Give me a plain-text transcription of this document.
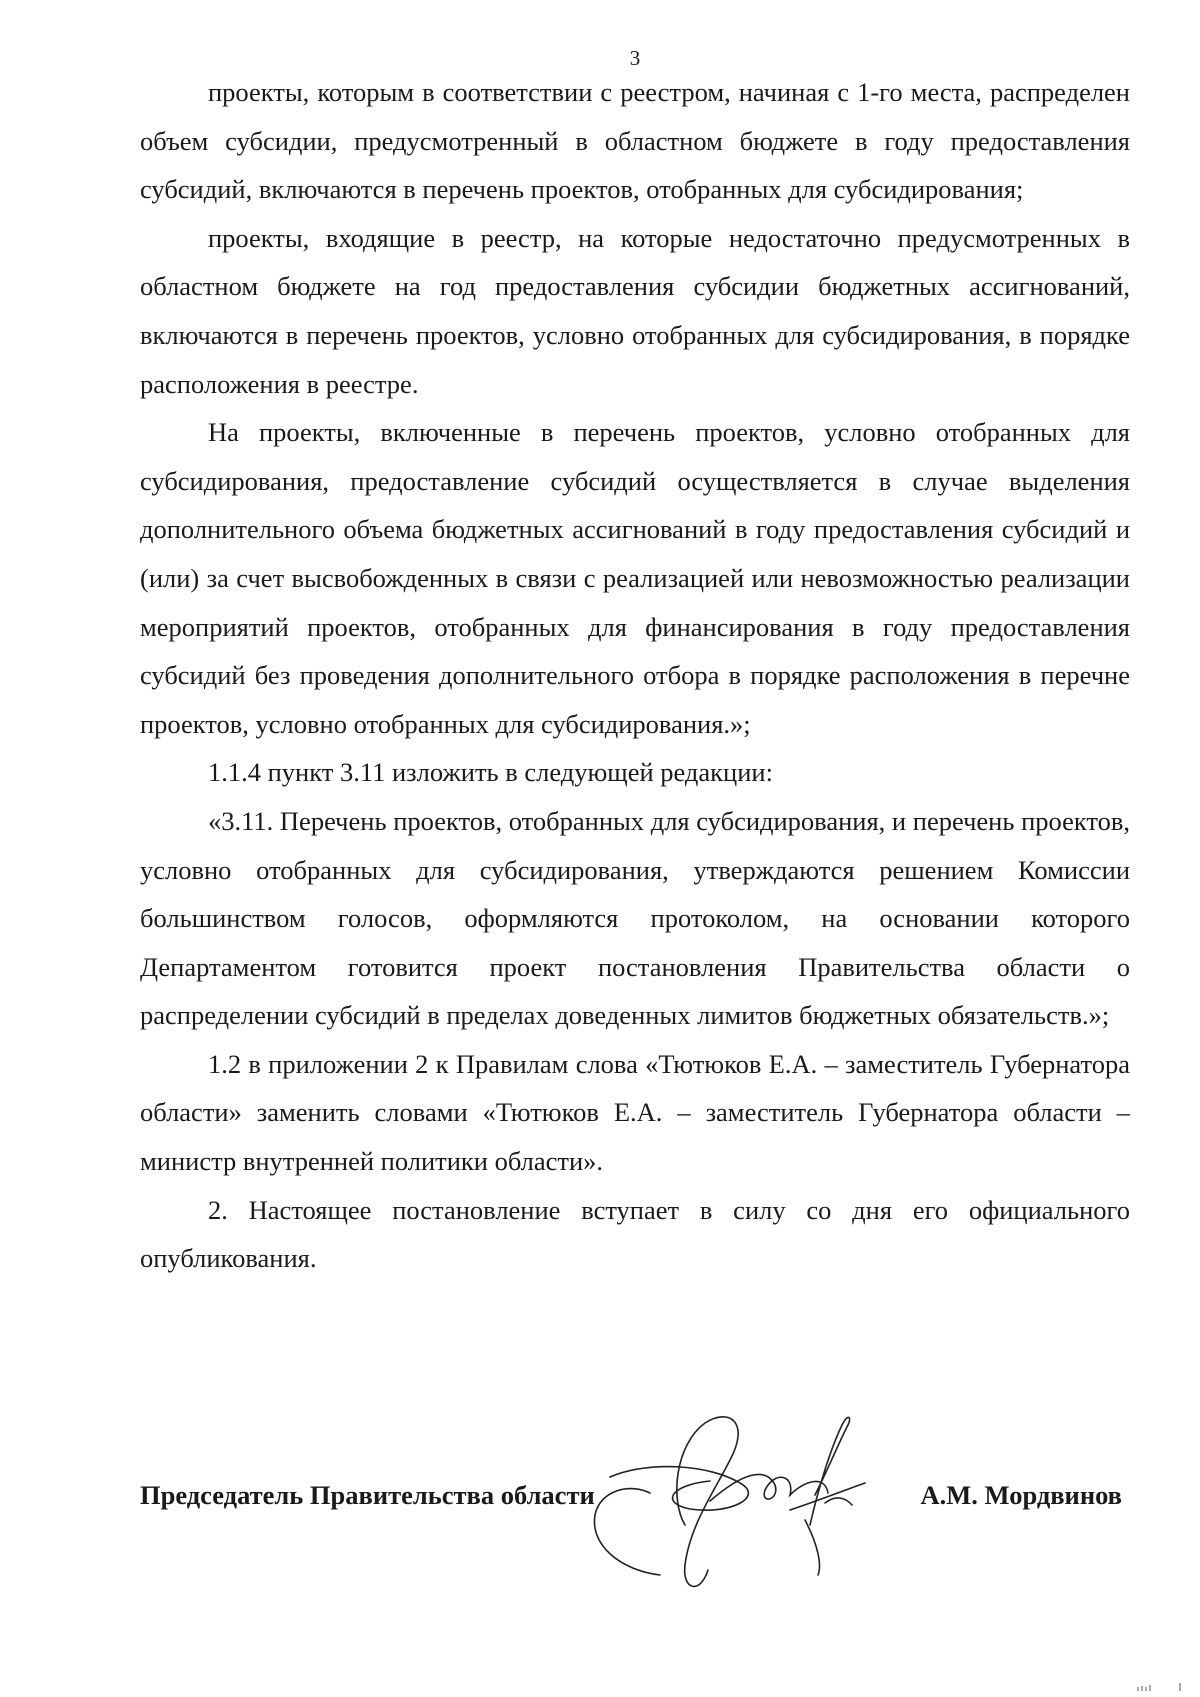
3

проекты, которым в соответствии с реестром, начиная с 1-го места, распределен объем субсидии, предусмотренный в областном бюджете в году предоставления субсидий, включаются в перечень проектов, отобранных для субсидирования;

проекты, входящие в реестр, на которые недостаточно предусмотренных в областном бюджете на год предоставления субсидии бюджетных ассигнований, включаются в перечень проектов, условно отобранных для субсидирования, в порядке расположения в реестре.

На проекты, включенные в перечень проектов, условно отобранных для субсидирования, предоставление субсидий осуществляется в случае выделения дополнительного объема бюджетных ассигнований в году предоставления субсидий и (или) за счет высвобожденных в связи с реализацией или невозможностью реализации мероприятий проектов, отобранных для финансирования в году предоставления субсидий без проведения дополнительного отбора в порядке расположения в перечне проектов, условно отобранных для субсидирования.»;

1.1.4 пункт 3.11 изложить в следующей редакции:

«3.11. Перечень проектов, отобранных для субсидирования, и перечень проектов, условно отобранных для субсидирования, утверждаются решением Комиссии большинством голосов, оформляются протоколом, на основании которого Департаментом готовится проект постановления Правительства области о распределении субсидий в пределах доведенных лимитов бюджетных обязательств.»;

1.2 в приложении 2 к Правилам слова «Тютюков Е.А. – заместитель Губернатора области» заменить словами «Тютюков Е.А. – заместитель Губернатора области – министр внутренней политики области».

2. Настоящее постановление вступает в силу со дня его официального опубликования.

Председатель Правительства области	А.М. Мордвинов
